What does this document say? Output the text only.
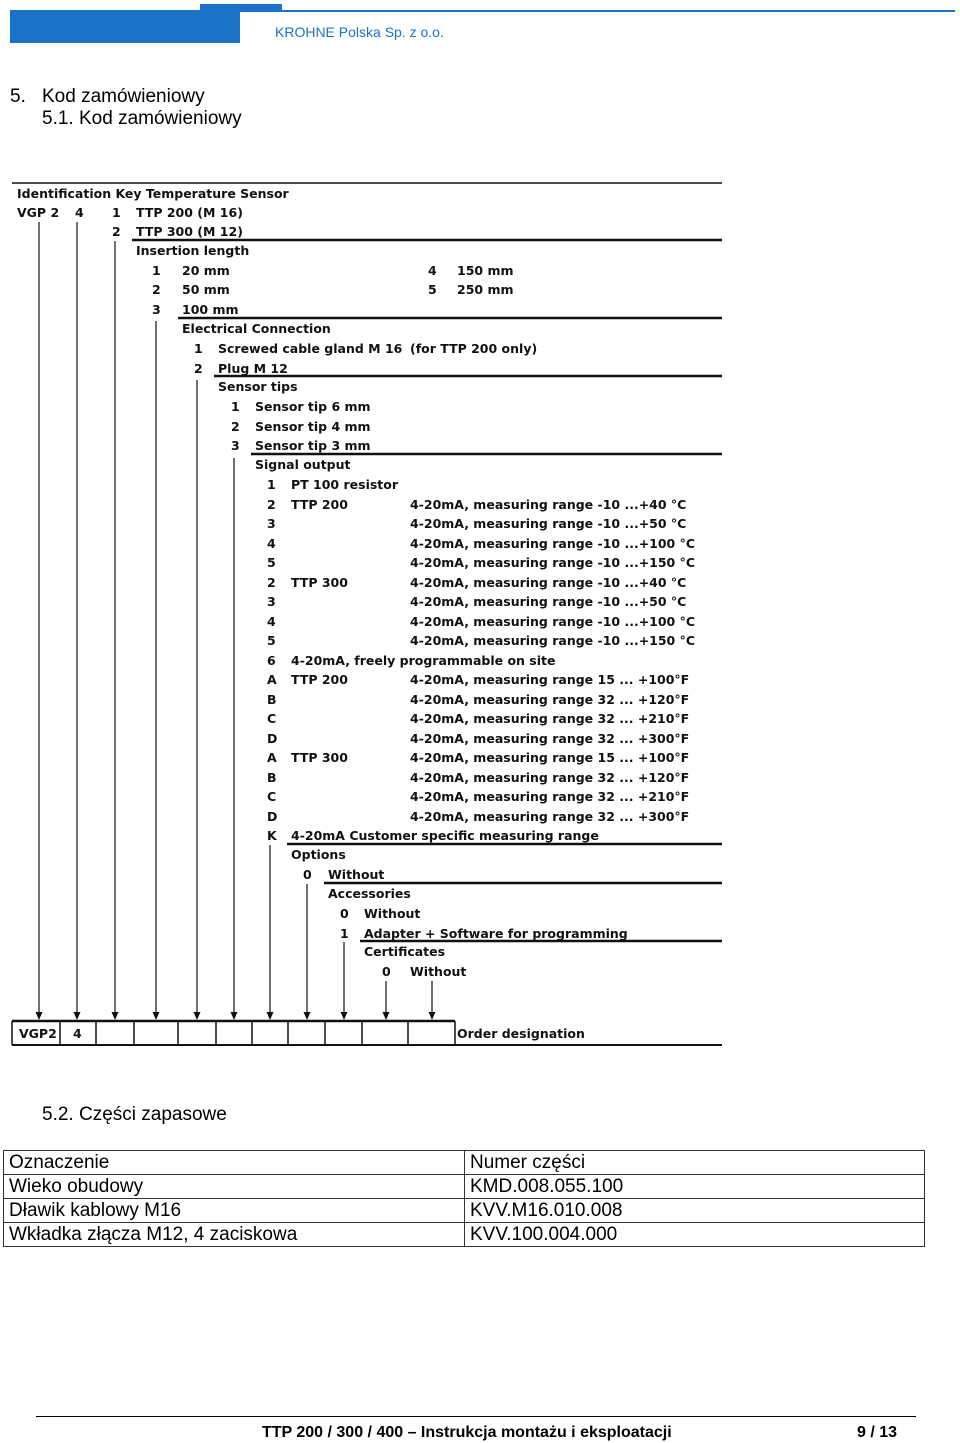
KROHNE Polska Sp. z o.o.
5. Kod zamówieniowy
5.1. Kod zamówieniowy
Identification Key Temperature Sensor
VGP 2 4 1 TTP 200 (M 16)
2 TTP 300 (M 12)
Insertion length
Electrical Connection
Sensor tips
Signal output
Options
Accessories
Certificates
1 20 mm
2 50 mm
3 100 mm
4 150 mm
5 250 mm
1 Screwed cable gland M 16 (for TTP 200 only)
2 Plug M 12
1 Sensor tip 6 mm
2 Sensor tip 4 mm
3 Sensor tip 3 mm
1 PT 100 resistor
2 TTP 200	4-20mA, measuring range -10 ...+40 °C
3	4-20mA, measuring range -10 ...+50 °C
4	4-20mA, measuring range -10 ...+100 °C
5	4-20mA, measuring range -10 ...+150 °C
2 TTP 300	4-20mA, measuring range -10 ...+40 °C
3	4-20mA, measuring range -10 ...+50 °C
4	4-20mA, measuring range -10 ...+100 °C
5	4-20mA, measuring range -10 ...+150 °C
6 4-20mA, freely programmable on site
A TTP 200	4-20mA, measuring range 15 ... +100°F
B	4-20mA, measuring range 32 ... +120°F
C	4-20mA, measuring range 32 ... +210°F
D	4-20mA, measuring range 32 ... +300°F
A TTP 300	4-20mA, measuring range 15 ... +100°F
B	4-20mA, measuring range 32 ... +120°F
C	4-20mA, measuring range 32 ... +210°F
D	4-20mA, measuring range 32 ... +300°F
K 4-20mA Customer specific measuring range
0 Without
0 Without
1 Adapter + Software for programming
0 Without
VGP2 4	Order designation
5.2. Części zapasowe
Oznaczenie	Numer części
Wieko obudowy	KMD.008.055.100
Dławik kablowy M16	KVV.M16.010.008
Wkładka złącza M12, 4 zaciskowa	KVV.100.004.000
TTP 200 / 300 / 400 – Instrukcja montażu i eksploatacji	9 / 13
